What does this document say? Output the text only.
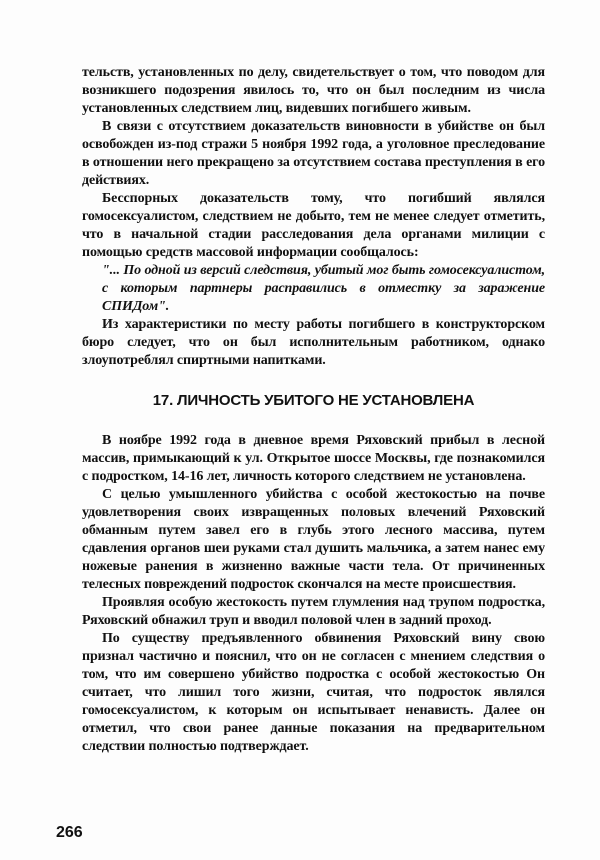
тельств, установленных по делу, свидетельствует о том, что поводом для возникшего подозрения явилось то, что он был последним из числа установленных следствием лиц, видевших погибшего живым.

В связи с отсутствием доказательств виновности в убийстве он был освобожден из-под стражи 5 ноября 1992 года, а уголовное преследование в отношении него прекращено за отсутствием состава преступления в его действиях.

Бесспорных доказательств тому, что погибший являлся гомосексуалистом, следствием не добыто, тем не менее следует отметить, что в начальной стадии расследования дела органами милиции с помощью средств массовой информации сообщалось:

"... По одной из версий следствия, убитый мог быть гомосексуалистом, с которым партнеры расправились в отместку за заражение СПИДом".

Из характеристики по месту работы погибшего в конструкторском бюро следует, что он был исполнительным работником, однако злоупотреблял спиртными напитками.

17. ЛИЧНОСТЬ УБИТОГО НЕ УСТАНОВЛЕНА

В ноябре 1992 года в дневное время Ряховский прибыл в лесной массив, примыкающий к ул. Открытое шоссе Москвы, где познакомился с подростком, 14-16 лет, личность которого следствием не установлена.

С целью умышленного убийства с особой жестокостью на почве удовлетворения своих извращенных половых влечений Ряховский обманным путем завел его в глубь этого лесного массива, путем сдавления органов шеи руками стал душить мальчика, а затем нанес ему ножевые ранения в жизненно важные части тела. От причиненных телесных повреждений подросток скончался на месте происшествия.

Проявляя особую жестокость путем глумления над трупом подростка, Ряховский обнажил труп и вводил половой член в задний проход.

По существу предъявленного обвинения Ряховский вину свою признал частично и пояснил, что он не согласен с мнением следствия о том, что им совершено убийство подростка с особой жестокостью Он считает, что лишил того жизни, считая, что подросток являлся гомосексуалистом, к которым он испытывает ненависть. Далее он отметил, что свои ранее данные показания на предварительном следствии полностью подтверждает.

266
